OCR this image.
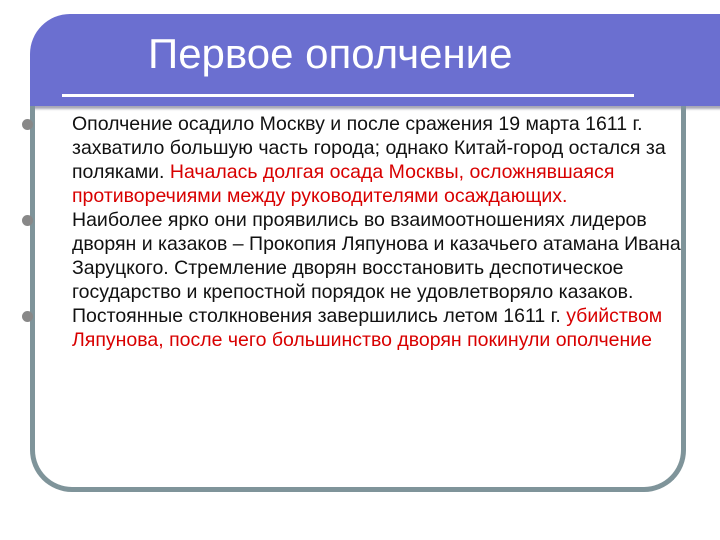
Первое ополчение
Ополчение осадило Москву и после сражения 19 марта 1611 г. захватило большую часть города; однако Китай-город остался за поляками. Началась долгая осада Москвы, осложнявшаяся противоречиями между руководителями осаждающих.
Наиболее ярко они проявились во взаимоотношениях лидеров дворян и казаков – Прокопия Ляпунова и казачьего атамана Ивана Заруцкого. Стремление дворян восстановить деспотическое государство и крепостной порядок не удовлетворяло казаков.
Постоянные столкновения завершились летом 1611 г. убийством Ляпунова, после чего большинство дворян покинули ополчение
